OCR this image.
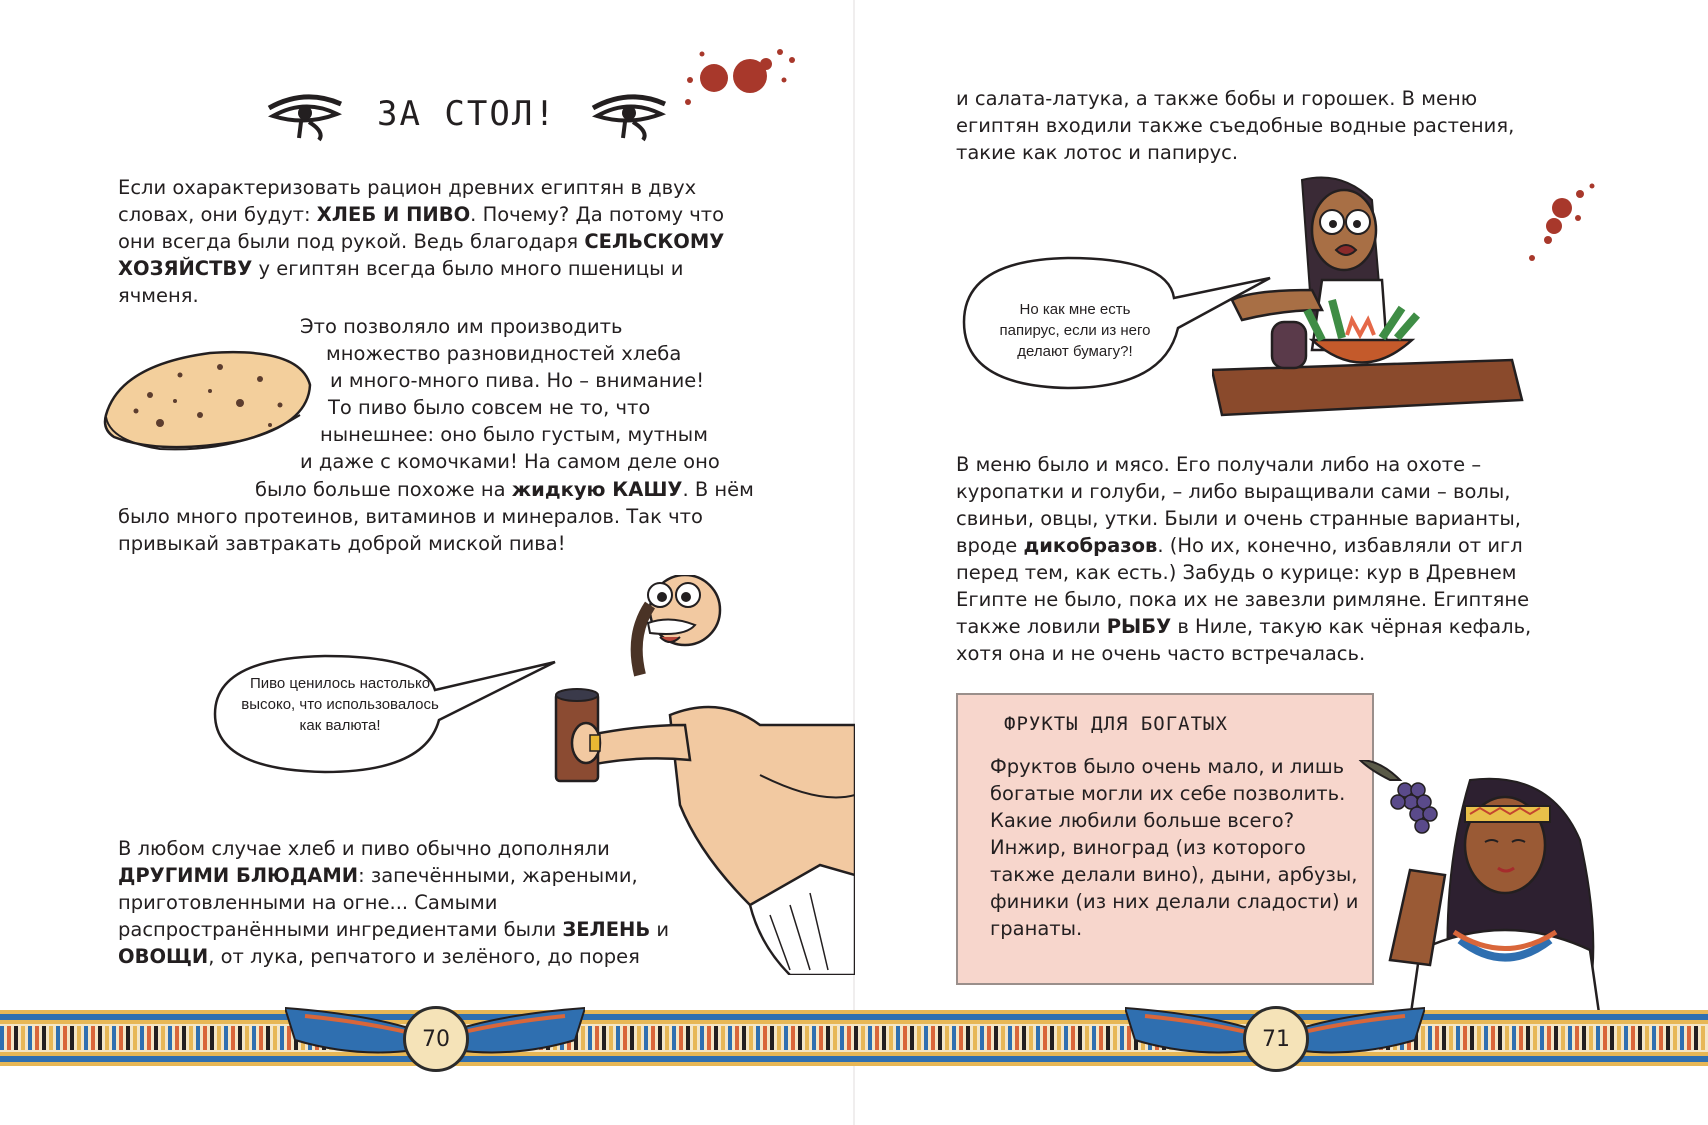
ЗА СТОЛ!

Если охарактеризовать рацион древних египтян в двух словах, они будут: ХЛЕБ И ПИВО. Почему? Да потому что они всегда были под рукой. Ведь благодаря СЕЛЬСКОМУ ХОЗЯЙСТВУ у египтян всегда было много пшеницы и ячменя.

Это позволяло им производить
множество разновидностей хлеба
и много-много пива. Но – внимание!
То пиво было совсем не то, что
нынешнее: оно было густым, мутным
и даже с комочками! На самом деле оно

было больше похоже на жидкую КАШУ. В нём было много протеинов, витаминов и минералов. Так что привыкай завтракать доброй миской пива!

Пиво ценилось настолько высоко, что использовалось как валюта!

В любом случае хлеб и пиво обычно дополняли ДРУГИМИ БЛЮДАМИ: запечёнными, жареными, приготовленными на огне... Самыми распространёнными ингредиентами были ЗЕЛЕНЬ и ОВОЩИ, от лука, репчатого и зелёного, до порея

и салата-латука, а также бобы и горошек. В меню египтян входили также съедобные водные растения, такие как лотос и папирус.

Но как мне есть папирус, если из него делают бумагу?!

В меню было и мясо. Его получали либо на охоте – куропатки и голуби, – либо выращивали сами – волы, свиньи, овцы, утки. Были и очень странные варианты, вроде дикобразов. (Но их, конечно, избавляли от игл перед тем, как есть.) Забудь о курице: кур в Древнем Египте не было, пока их не завезли римляне. Египтяне также ловили РЫБУ в Ниле, такую как чёрная кефаль, хотя она и не очень часто встречалась.

ФРУКТЫ ДЛЯ БОГАТЫХ

Фруктов было очень мало, и лишь богатые могли их себе позволить. Какие любили больше всего? Инжир, виноград (из которого также делали вино), дыни, арбузы, финики (из них делали сладости) и гранаты.

70	71
